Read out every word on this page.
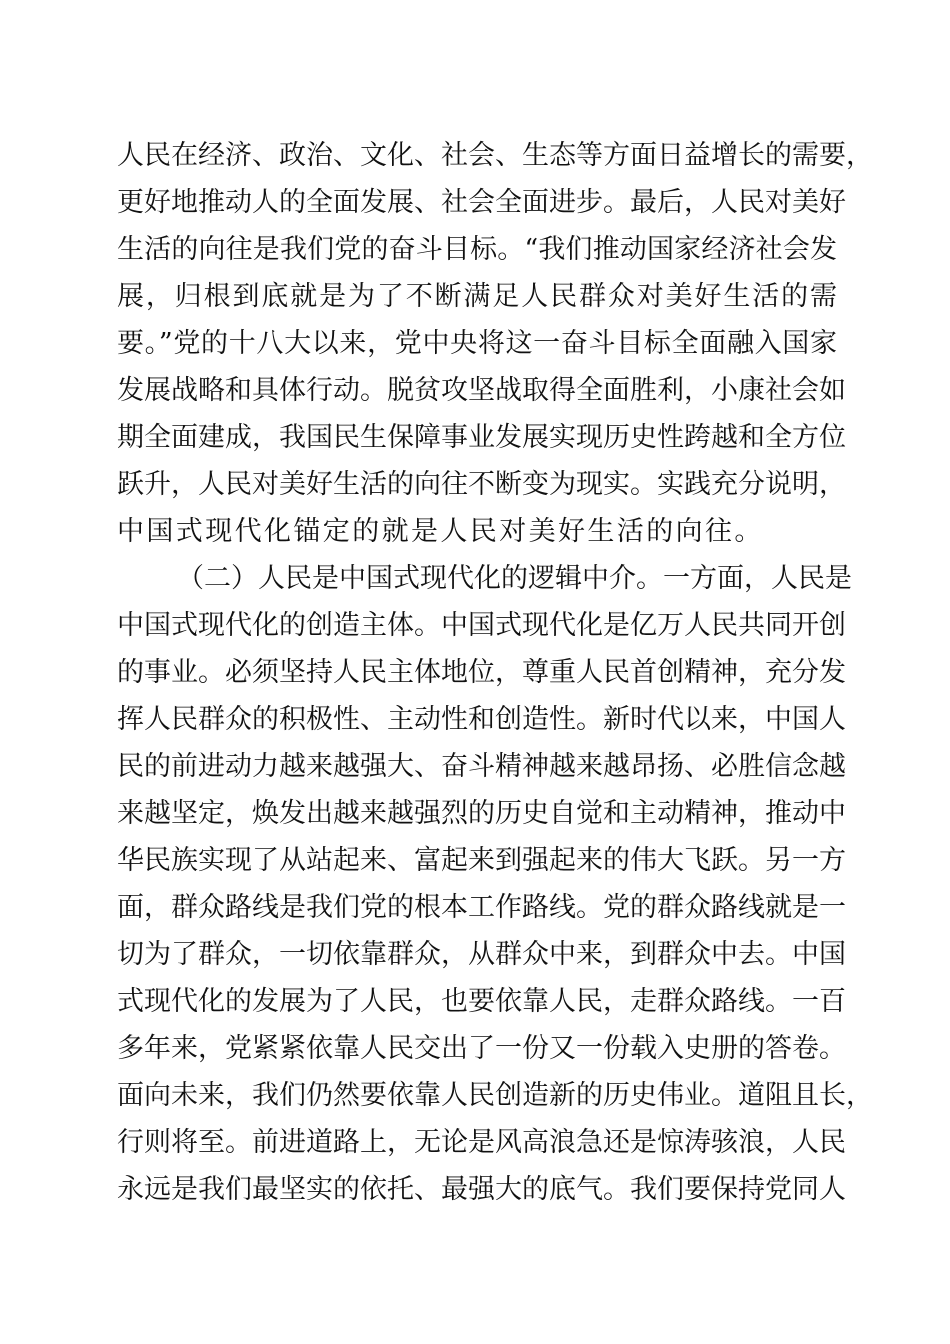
人民在经济、政治、文化、社会、生态等方面日益增长的需要，
更好地推动人的全面发展、社会全面进步。最后，人民对美好
生活的向往是我们党的奋斗目标。“我们推动国家经济社会发
展，归根到底就是为了不断满足人民群众对美好生活的需
要。”党的十八大以来，党中央将这一奋斗目标全面融入国家
发展战略和具体行动。脱贫攻坚战取得全面胜利，小康社会如
期全面建成，我国民生保障事业发展实现历史性跨越和全方位
跃升，人民对美好生活的向往不断变为现实。实践充分说明，
中国式现代化锚定的就是人民对美好生活的向往。
（二）人民是中国式现代化的逻辑中介。一方面，人民是
中国式现代化的创造主体。中国式现代化是亿万人民共同开创
的事业。必须坚持人民主体地位，尊重人民首创精神，充分发
挥人民群众的积极性、主动性和创造性。新时代以来，中国人
民的前进动力越来越强大、奋斗精神越来越昂扬、必胜信念越
来越坚定，焕发出越来越强烈的历史自觉和主动精神，推动中
华民族实现了从站起来、富起来到强起来的伟大飞跃。另一方
面，群众路线是我们党的根本工作路线。党的群众路线就是一
切为了群众，一切依靠群众，从群众中来，到群众中去。中国
式现代化的发展为了人民，也要依靠人民，走群众路线。一百
多年来，党紧紧依靠人民交出了一份又一份载入史册的答卷。
面向未来，我们仍然要依靠人民创造新的历史伟业。道阻且长，
行则将至。前进道路上，无论是风高浪急还是惊涛骇浪，人民
永远是我们最坚实的依托、最强大的底气。我们要保持党同人
